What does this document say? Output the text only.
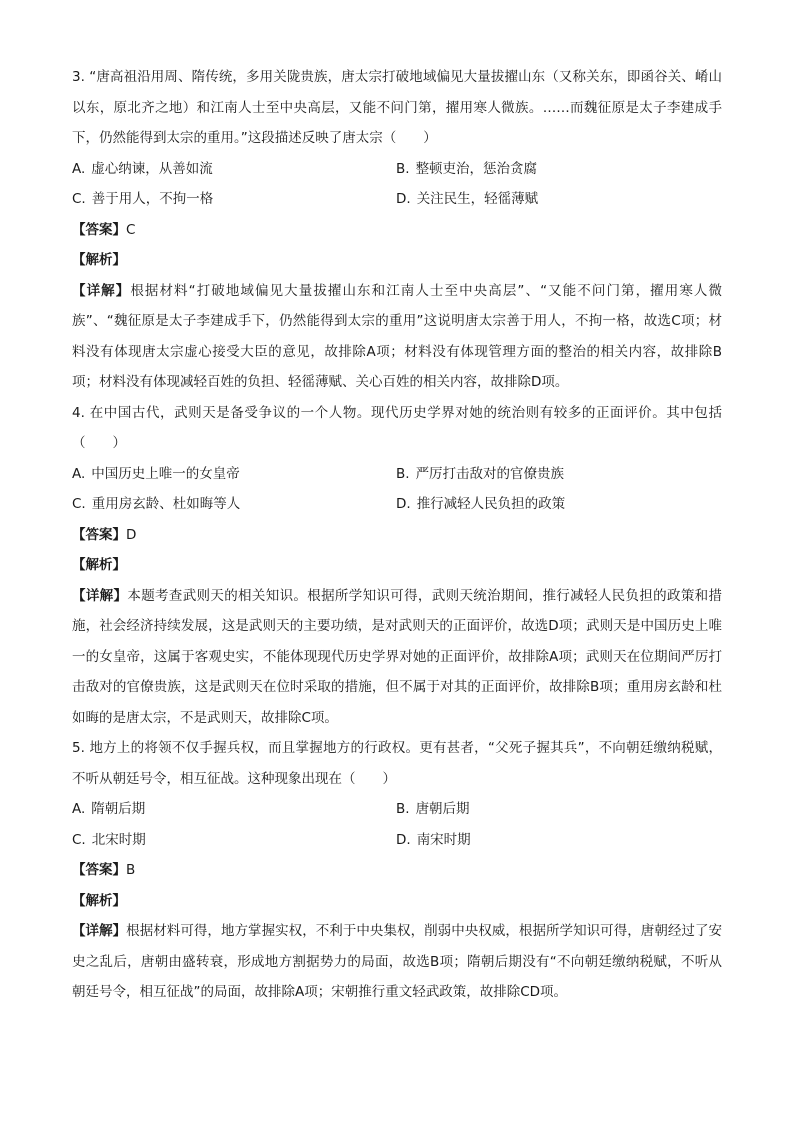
3. “唐高祖沿用周、隋传统，多用关陇贵族，唐太宗打破地域偏见大量拔擢山东（又称关东，即函谷关、崤山以东，原北齐之地）和江南人士至中央高层，又能不问门第，擢用寒人微族。……而魏征原是太子李建成手下，仍然能得到太宗的重用。”这段描述反映了唐太宗（　　）

A. 虚心纳谏，从善如流	B. 整顿吏治，惩治贪腐
C. 善于用人，不拘一格	D. 关注民生，轻徭薄赋

【答案】C

【解析】

【详解】根据材料“打破地域偏见大量拔擢山东和江南人士至中央高层”、“又能不问门第，擢用寒人微族”、“魏征原是太子李建成手下，仍然能得到太宗的重用”这说明唐太宗善于用人，不拘一格，故选C项；材料没有体现唐太宗虚心接受大臣的意见，故排除A项；材料没有体现管理方面的整治的相关内容，故排除B项；材料没有体现减轻百姓的负担、轻徭薄赋、关心百姓的相关内容，故排除D项。

4. 在中国古代，武则天是备受争议的一个人物。现代历史学界对她的统治则有较多的正面评价。其中包括（　　）

A. 中国历史上唯一的女皇帝	B. 严厉打击敌对的官僚贵族
C. 重用房玄龄、杜如晦等人	D. 推行减轻人民负担的政策

【答案】D

【解析】

【详解】本题考查武则天的相关知识。根据所学知识可得，武则天统治期间，推行减轻人民负担的政策和措施，社会经济持续发展，这是武则天的主要功绩，是对武则天的正面评价，故选D项；武则天是中国历史上唯一的女皇帝，这属于客观史实，不能体现现代历史学界对她的正面评价，故排除A项；武则天在位期间严厉打击敌对的官僚贵族，这是武则天在位时采取的措施，但不属于对其的正面评价，故排除B项；重用房玄龄和杜如晦的是唐太宗，不是武则天，故排除C项。

5. 地方上的将领不仅手握兵权，而且掌握地方的行政权。更有甚者，“父死子握其兵”，不向朝廷缴纳税赋，不听从朝廷号令，相互征战。这种现象出现在（　　）

A. 隋朝后期	B. 唐朝后期
C. 北宋时期	D. 南宋时期

【答案】B

【解析】

【详解】根据材料可得，地方掌握实权，不利于中央集权，削弱中央权威，根据所学知识可得，唐朝经过了安史之乱后，唐朝由盛转衰，形成地方割据势力的局面，故选B项；隋朝后期没有“不向朝廷缴纳税赋，不听从朝廷号令，相互征战”的局面，故排除A项；宋朝推行重文轻武政策，故排除CD项。
